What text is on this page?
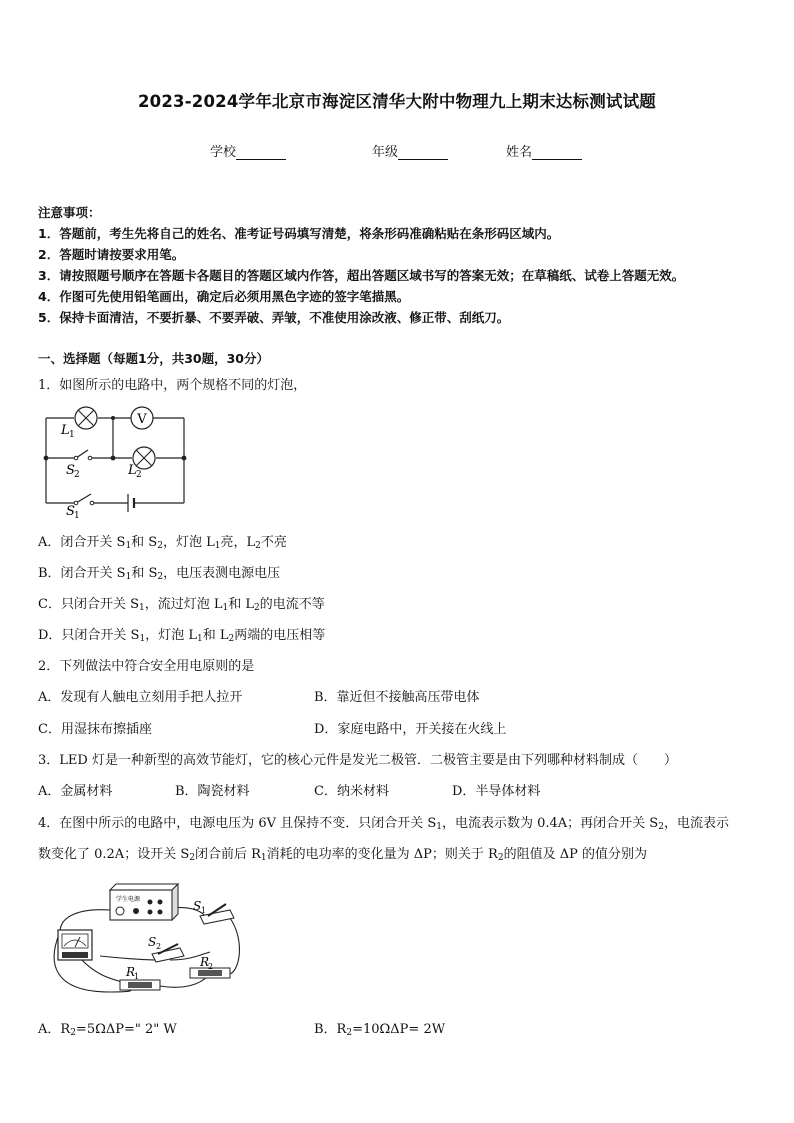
2023-2024学年北京市海淀区清华大附中物理九上期末达标测试试题
学校	年级	姓名
注意事项：
1．答题前，考生先将自己的姓名、准考证号码填写清楚，将条形码准确粘贴在条形码区域内。
2．答题时请按要求用笔。
3．请按照题号顺序在答题卡各题目的答题区域内作答，超出答题区域书写的答案无效；在草稿纸、试卷上答题无效。
4．作图可先使用铅笔画出，确定后必须用黑色字迹的签字笔描黑。
5．保持卡面清洁，不要折暴、不要弄破、弄皱，不准使用涂改液、修正带、刮纸刀。
一、选择题（每题1分，共30题，30分）
1．如图所示的电路中，两个规格不同的灯泡，
V
L 1
S 2	L 2
S 1
A．闭合开关 $S_1$和 $S_2$，灯泡 $L_1$亮，$L_2$不亮
B．闭合开关 $S_1$和 $S_2$，电压表测电源电压
C．只闭合开关 $S_1$，流过灯泡 $L_1$和 $L_2$的电流不等
D．只闭合开关 $S_1$，灯泡 $L_1$和 $L_2$两端的电压相等
2．下列做法中符合安全用电原则的是
A．发现有人触电立刻用手把人拉开	B．靠近但不接触高压带电体
C．用湿抹布擦插座	D．家庭电路中，开关接在火线上
3．LED 灯是一种新型的高效节能灯，它的核心元件是发光二极管．二极管主要是由下列哪种材料制成（　　）
A．金属材料	B．陶瓷材料	C．纳米材料	D．半导体材料
4．在图中所示的电路中，电源电压为 6V 且保持不变．只闭合开关 $S_1$，电流表示数为 0.4A；再闭合开关 $S_2$，电流表示
数变化了 0.2A；设开关 $S_2$闭合前后 $R_1$消耗的电功率的变化量为 ΔP；则关于 $R_2$的阻值及 ΔP 的值分别为
学生电源	S 1
S 2
R
1
R
2
A．$R_2=5\Omega\Delta P=$" 2" W	B．$R_2=10\Omega\Delta P= 2W$
